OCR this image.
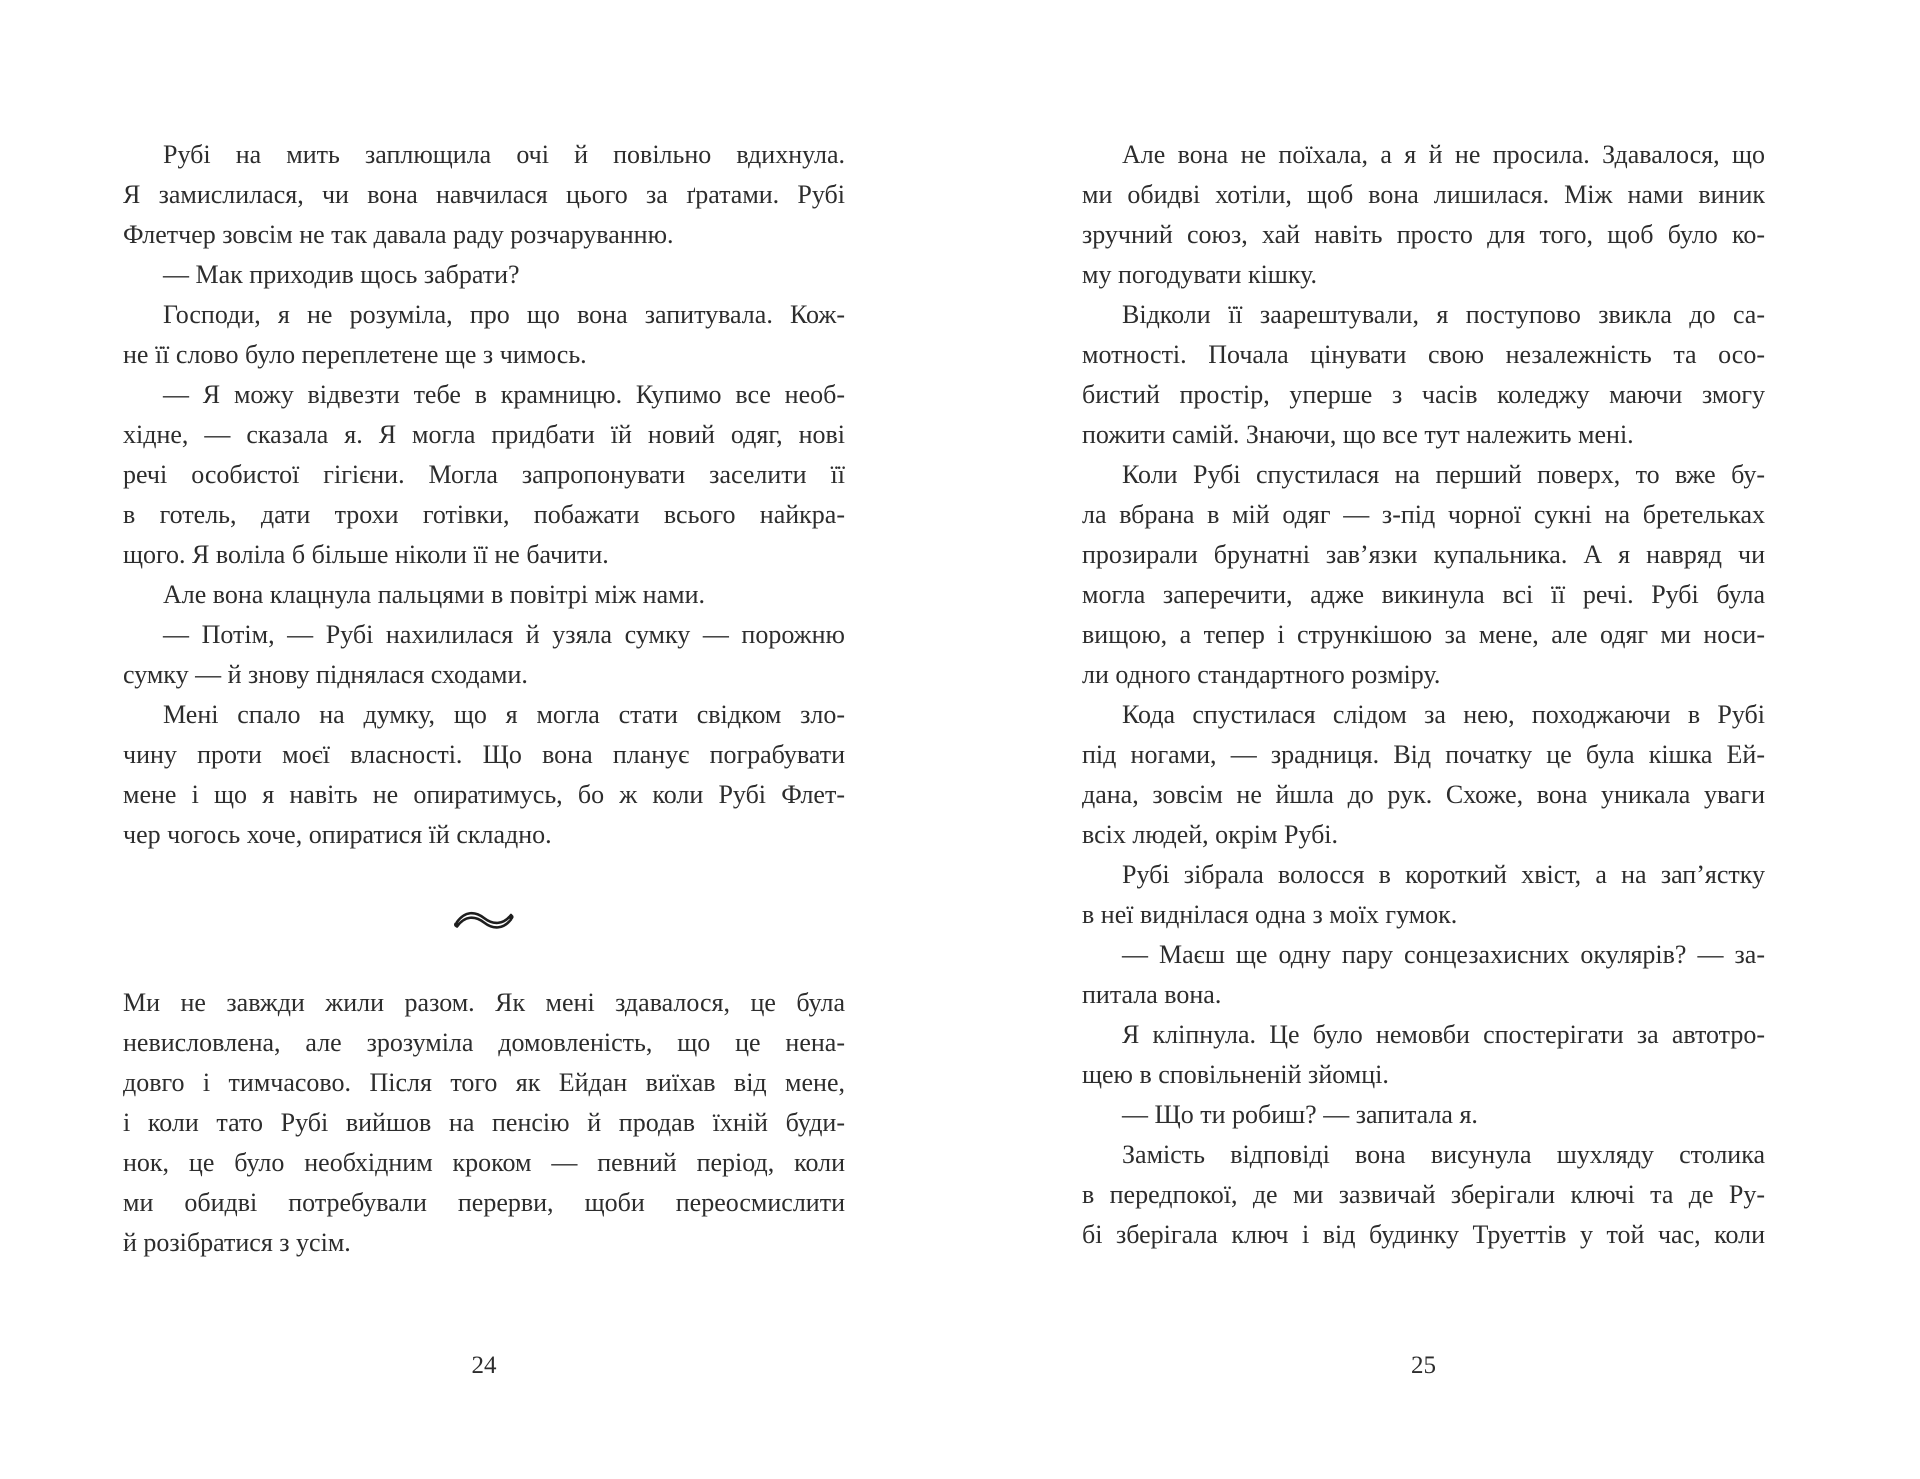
Рубі на мить заплющила очі й повільно вдихнула.
Я замислилася, чи вона навчилася цього за ґратами. Рубі
Флетчер зовсім не так давала раду розчаруванню.
— Мак приходив щось забрати?
Господи, я не розуміла, про що вона запитувала. Кож-
не її слово було переплетене ще з чимось.
— Я можу відвезти тебе в крамницю. Купимо все необ-
хідне, — сказала я. Я могла придбати їй новий одяг, нові
речі особистої гігієни. Могла запропонувати заселити її
в готель, дати трохи готівки, побажати всього найкра-
щого. Я воліла б більше ніколи її не бачити.
Але вона клацнула пальцями в повітрі між нами.
— Потім, — Рубі нахилилася й узяла сумку — порожню
сумку — й знову піднялася сходами.
Мені спало на думку, що я могла стати свідком зло-
чину проти моєї власності. Що вона планує пограбувати
мене і що я навіть не опиратимусь, бо ж коли Рубі Флет-
чер чогось хоче, опиратися їй складно.
Ми не завжди жили разом. Як мені здавалося, це була
невисловлена, але зрозуміла домовленість, що це нена-
довго і тимчасово. Після того як Ейдан виїхав від мене,
і коли тато Рубі вийшов на пенсію й продав їхній буди-
нок, це було необхідним кроком — певний період, коли
ми обидві потребували перерви, щоби переосмислити
й розібратися з усім.
Але вона не поїхала, а я й не просила. Здавалося, що
ми обидві хотіли, щоб вона лишилася. Між нами виник
зручний союз, хай навіть просто для того, щоб було ко-
му погодувати кішку.
Відколи її заарештували, я поступово звикла до са-
мотності. Почала цінувати свою незалежність та осо-
бистий простір, уперше з часів коледжу маючи змогу
пожити самій. Знаючи, що все тут належить мені.
Коли Рубі спустилася на перший поверх, то вже бу-
ла вбрана в мій одяг — з-під чорної сукні на бретельках
прозирали брунатні зав’язки купальника. А я навряд чи
могла заперечити, адже викинула всі її речі. Рубі була
вищою, а тепер і стрункішою за мене, але одяг ми носи-
ли одного стандартного розміру.
Кода спустилася слідом за нею, походжаючи в Рубі
під ногами, — зрадниця. Від початку це була кішка Ей-
дана, зовсім не йшла до рук. Схоже, вона уникала уваги
всіх людей, окрім Рубі.
Рубі зібрала волосся в короткий хвіст, а на зап’ястку
в неї виднілася одна з моїх гумок.
— Маєш ще одну пару сонцезахисних окулярів? — за-
питала вона.
Я кліпнула. Це було немовби спостерігати за автотро-
щею в сповільненій зйомці.
— Що ти робиш? — запитала я.
Замість відповіді вона висунула шухляду столика
в передпокої, де ми зазвичай зберігали ключі та де Ру-
бі зберігала ключ і від будинку Труеттів у той час, коли
24	25
